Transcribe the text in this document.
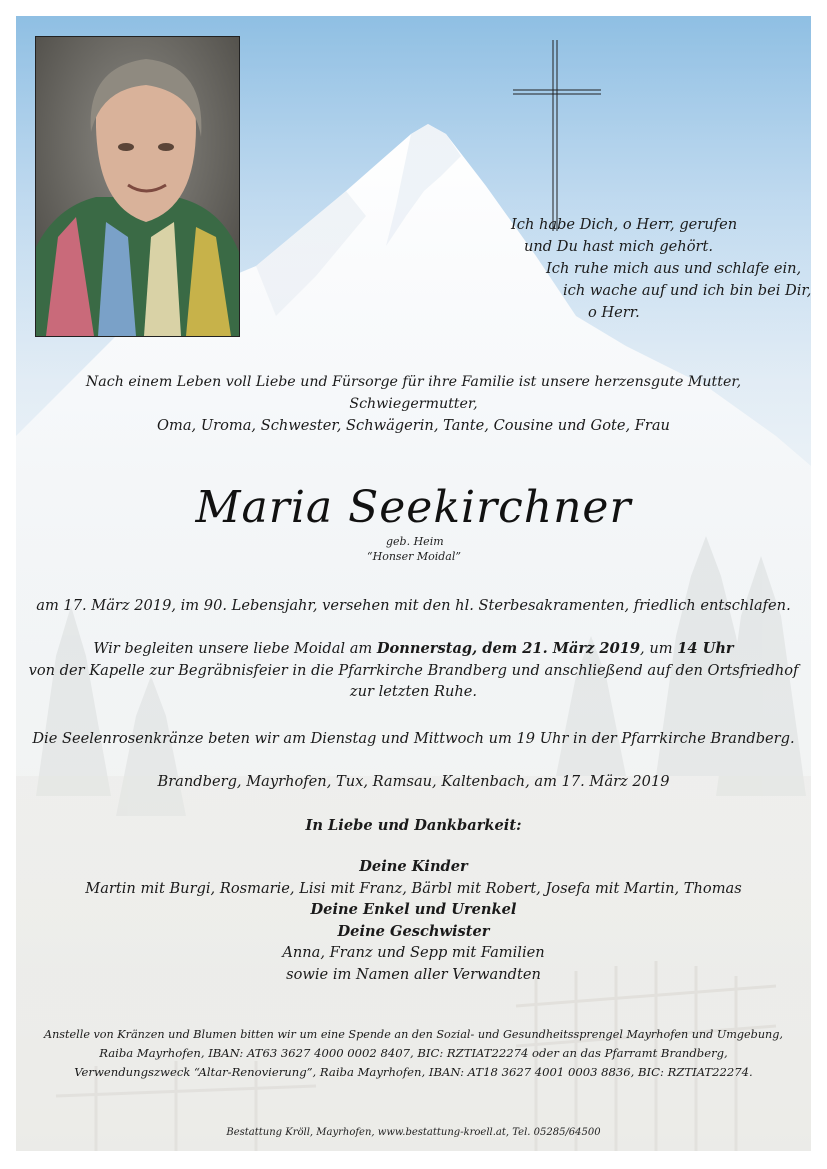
Ich habe Dich, o Herr, gerufen
und Du hast mich gehört.
Ich ruhe mich aus und schlafe ein,
ich wache auf und ich bin bei Dir,
o Herr.
Nach einem Leben voll Liebe und Fürsorge für ihre Familie ist unsere herzensgute Mutter, Schwiegermutter,
Oma, Uroma, Schwester, Schwägerin, Tante, Cousine und Gote, Frau
Maria Seekirchner
geb. Heim
“Honser Moidal”
am 17. März 2019, im 90. Lebensjahr, versehen mit den hl. Sterbesakramenten, friedlich entschlafen.
Wir begleiten unsere liebe Moidal am Donnerstag, dem 21. März 2019, um 14 Uhr
von der Kapelle zur Begräbnisfeier in die Pfarrkirche Brandberg und anschließend auf den Ortsfriedhof
zur letzten Ruhe.
Die Seelenrosenkränze beten wir am Dienstag und Mittwoch um 19 Uhr in der Pfarrkirche Brandberg.
Brandberg, Mayrhofen, Tux, Ramsau, Kaltenbach, am 17. März 2019
In Liebe und Dankbarkeit:
Deine Kinder
Martin mit Burgi, Rosmarie, Lisi mit Franz, Bärbl mit Robert, Josefa mit Martin, Thomas
Deine Enkel und Urenkel
Deine Geschwister
Anna, Franz und Sepp mit Familien
sowie im Namen aller Verwandten
Anstelle von Kränzen und Blumen bitten wir um eine Spende an den Sozial- und Gesundheitssprengel Mayrhofen und Umgebung,
Raiba Mayrhofen, IBAN: AT63 3627 4000 0002 8407, BIC: RZTIAT22274 oder an das Pfarramt Brandberg,
Verwendungszweck “Altar-Renovierung”, Raiba Mayrhofen, IBAN: AT18 3627 4001 0003 8836, BIC: RZTIAT22274.
Bestattung Kröll, Mayrhofen, www.bestattung-kroell.at, Tel. 05285/64500
